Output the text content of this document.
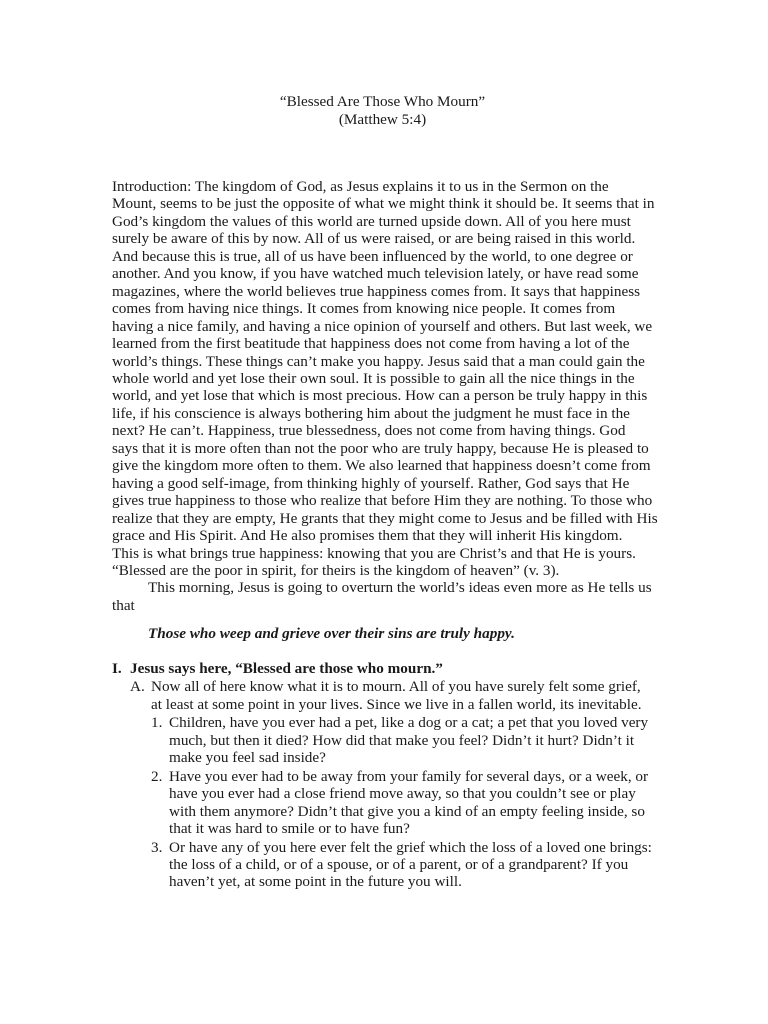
“Blessed Are Those Who Mourn”
(Matthew 5:4)
Introduction: The kingdom of God, as Jesus explains it to us in the Sermon on the
Mount, seems to be just the opposite of what we might think it should be. It seems that in
God’s kingdom the values of this world are turned upside down. All of you here must
surely be aware of this by now. All of us were raised, or are being raised in this world.
And because this is true, all of us have been influenced by the world, to one degree or
another. And you know, if you have watched much television lately, or have read some
magazines, where the world believes true happiness comes from. It says that happiness
comes from having nice things. It comes from knowing nice people. It comes from
having a nice family, and having a nice opinion of yourself and others. But last week, we
learned from the first beatitude that happiness does not come from having a lot of the
world’s things. These things can’t make you happy. Jesus said that a man could gain the
whole world and yet lose their own soul. It is possible to gain all the nice things in the
world, and yet lose that which is most precious. How can a person be truly happy in this
life, if his conscience is always bothering him about the judgment he must face in the
next? He can’t. Happiness, true blessedness, does not come from having things. God
says that it is more often than not the poor who are truly happy, because He is pleased to
give the kingdom more often to them. We also learned that happiness doesn’t come from
having a good self-image, from thinking highly of yourself. Rather, God says that He
gives true happiness to those who realize that before Him they are nothing. To those who
realize that they are empty, He grants that they might come to Jesus and be filled with His
grace and His Spirit. And He also promises them that they will inherit His kingdom.
This is what brings true happiness: knowing that you are Christ’s and that He is yours.
“Blessed are the poor in spirit, for theirs is the kingdom of heaven” (v. 3).
This morning, Jesus is going to overturn the world’s ideas even more as He tells us
that
Those who weep and grieve over their sins are truly happy.
I. Jesus says here, “Blessed are those who mourn.”
A. Now all of here know what it is to mourn. All of you have surely felt some grief,
at least at some point in your lives. Since we live in a fallen world, its inevitable.
1. Children, have you ever had a pet, like a dog or a cat; a pet that you loved very
much, but then it died? How did that make you feel? Didn’t it hurt? Didn’t it
make you feel sad inside?
2. Have you ever had to be away from your family for several days, or a week, or
have you ever had a close friend move away, so that you couldn’t see or play
with them anymore? Didn’t that give you a kind of an empty feeling inside, so
that it was hard to smile or to have fun?
3. Or have any of you here ever felt the grief which the loss of a loved one brings:
the loss of a child, or of a spouse, or of a parent, or of a grandparent? If you
haven’t yet, at some point in the future you will.
